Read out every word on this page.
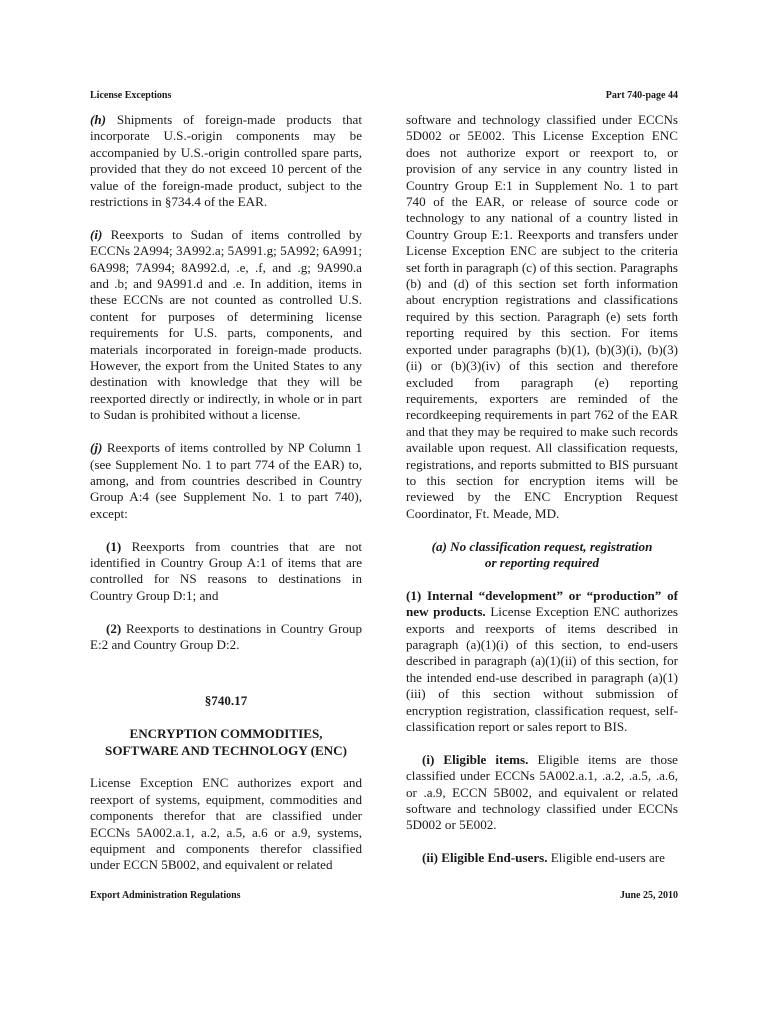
License Exceptions	Part 740-page 44

(h) Shipments of foreign-made products that incorporate U.S.-origin components may be accompanied by U.S.-origin controlled spare parts, provided that they do not exceed 10 percent of the value of the foreign-made product, subject to the restrictions in §734.4 of the EAR.

(i) Reexports to Sudan of items controlled by ECCNs 2A994; 3A992.a; 5A991.g; 5A992; 6A991; 6A998; 7A994; 8A992.d, .e, .f, and .g; 9A990.a and .b; and 9A991.d and .e. In addition, items in these ECCNs are not counted as controlled U.S. content for purposes of determining license requirements for U.S. parts, components, and materials incorporated in foreign-made products. However, the export from the United States to any destination with knowledge that they will be reexported directly or indirectly, in whole or in part to Sudan is prohibited without a license.

(j) Reexports of items controlled by NP Column 1 (see Supplement No. 1 to part 774 of the EAR) to, among, and from countries described in Country Group A:4 (see Supplement No. 1 to part 740), except:

(1) Reexports from countries that are not identified in Country Group A:1 of items that are controlled for NS reasons to destinations in Country Group D:1; and

(2) Reexports to destinations in Country Group E:2 and Country Group D:2.

§740.17

ENCRYPTION COMMODITIES,
SOFTWARE AND TECHNOLOGY (ENC)

License Exception ENC authorizes export and reexport of systems, equipment, commodities and components therefor that are classified under ECCNs 5A002.a.1, a.2, a.5, a.6 or a.9, systems, equipment and components therefor classified under ECCN 5B002, and equivalent or related

software and technology classified under ECCNs 5D002 or 5E002. This License Exception ENC does not authorize export or reexport to, or provision of any service in any country listed in Country Group E:1 in Supplement No. 1 to part 740 of the EAR, or release of source code or technology to any national of a country listed in Country Group E:1. Reexports and transfers under License Exception ENC are subject to the criteria set forth in paragraph (c) of this section. Paragraphs (b) and (d) of this section set forth information about encryption registrations and classifications required by this section. Paragraph (e) sets forth reporting required by this section. For items exported under paragraphs (b)(1), (b)(3)(i), (b)(3)(ii) or (b)(3)(iv) of this section and therefore excluded from paragraph (e) reporting requirements, exporters are reminded of the recordkeeping requirements in part 762 of the EAR and that they may be required to make such records available upon request. All classification requests, registrations, and reports submitted to BIS pursuant to this section for encryption items will be reviewed by the ENC Encryption Request Coordinator, Ft. Meade, MD.

(a) No classification request, registration
or reporting required

(1) Internal “development” or “production” of new products. License Exception ENC authorizes exports and reexports of items described in paragraph (a)(1)(i) of this section, to end-users described in paragraph (a)(1)(ii) of this section, for the intended end-use described in paragraph (a)(1)(iii) of this section without submission of encryption registration, classification request, self-classification report or sales report to BIS.

(i) Eligible items. Eligible items are those classified under ECCNs 5A002.a.1, .a.2, .a.5, .a.6, or .a.9, ECCN 5B002, and equivalent or related software and technology classified under ECCNs 5D002 or 5E002.

(ii) Eligible End-users. Eligible end-users are

Export Administration Regulations	June 25, 2010
